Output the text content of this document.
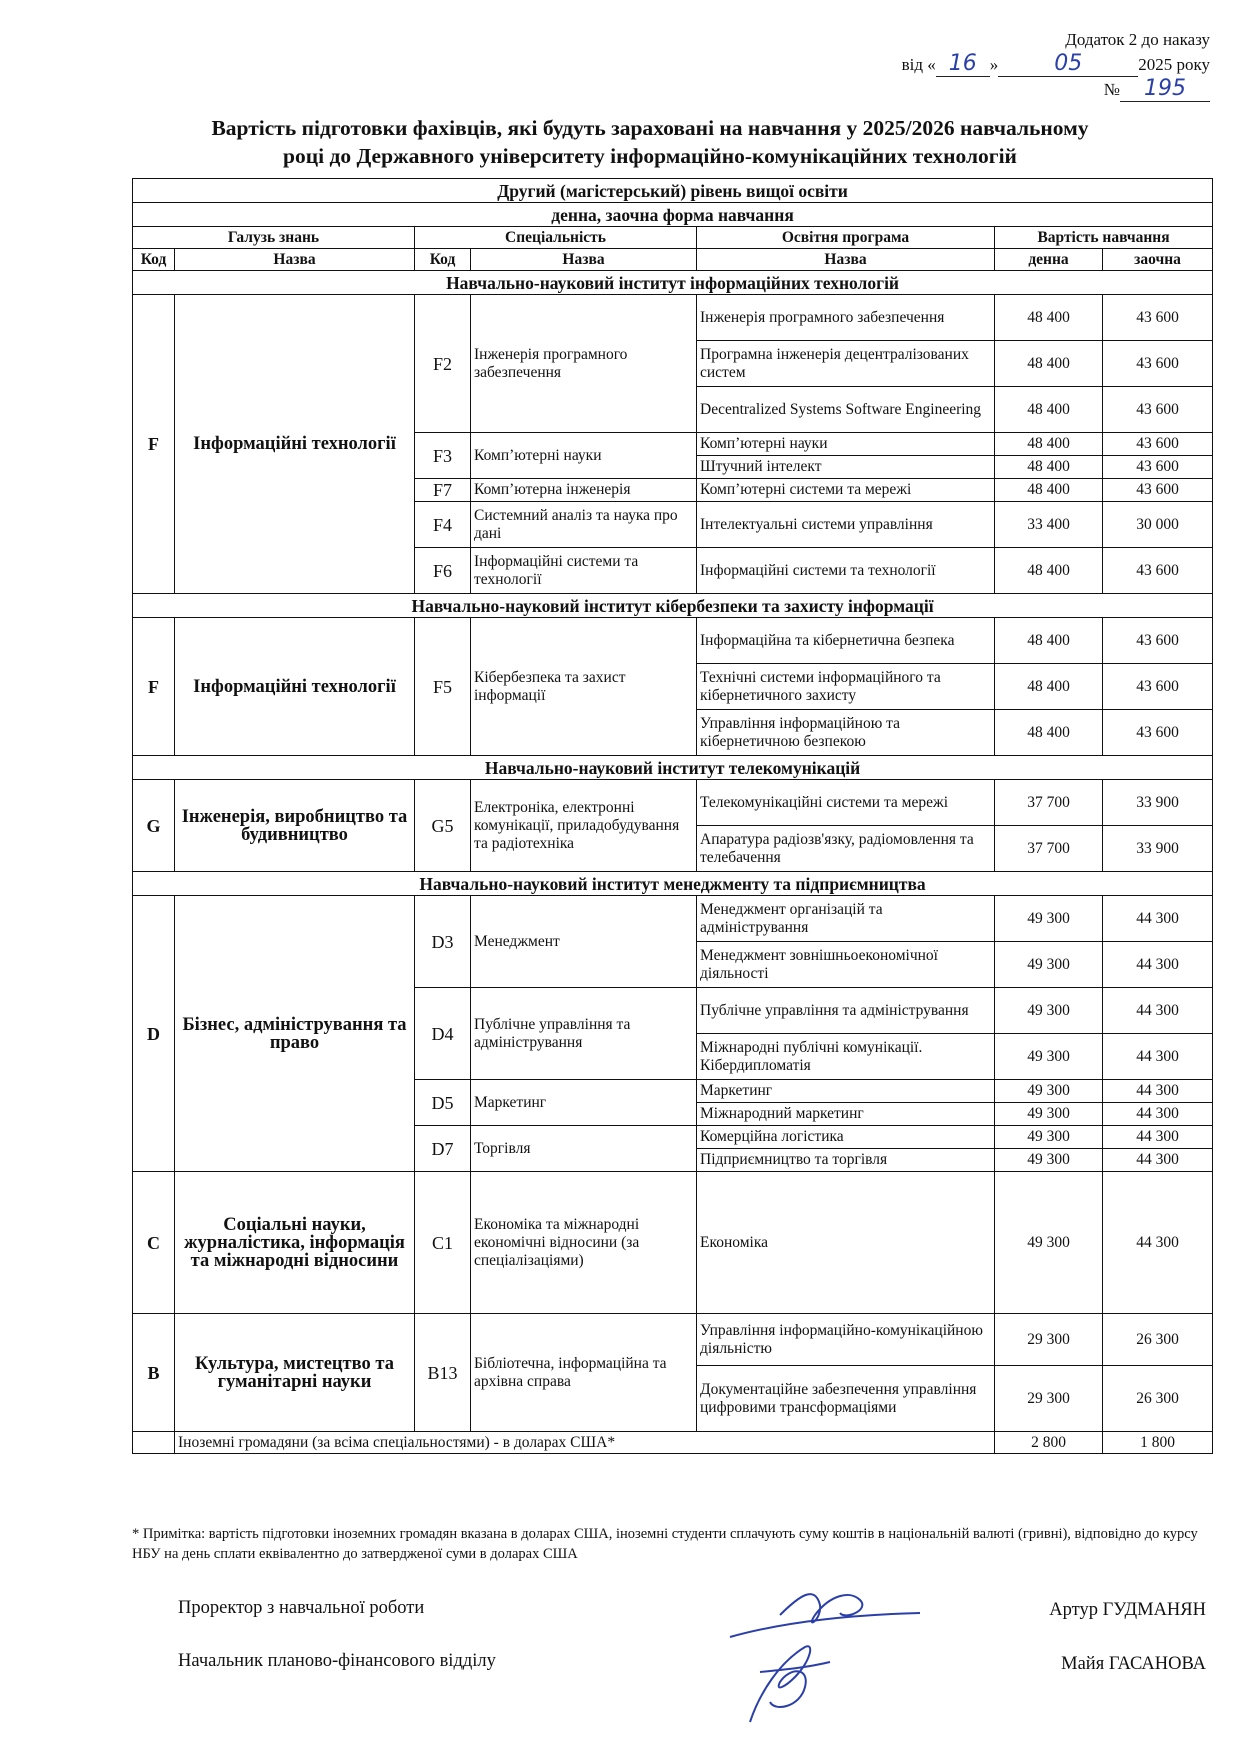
Додаток 2 до наказу
від « 16 »	05	2025 року
№ 195
Вартість підготовки фахівців, які будуть зараховані на навчання у 2025/2026 навчальному
році до Державного університету інформаційно-комунікаційних технологій
Другий (магістерський) рівень вищої освіти						
денна, заочна форма навчання						
Галузь знань		Спеціальність		Освітня програма	Вартість навчання	
Код	Назва	Код	Назва	Назва	денна	заочна
Навчально-науковий інститут інформаційних технологій						
F	Інформаційні технології	F2	Інженерія програмного забезпечення	Інженерія програмного забезпечення	48 400	43 600
				Програмна інженерія децентралізованих систем	48 400	43 600
				Decentralized Systems Software Engineering	48 400	43 600
		F3	Комп’ютерні науки	Комп’ютерні науки	48 400	43 600
				Штучний інтелект	48 400	43 600
		F7	Комп’ютерна інженерія	Комп’ютерні системи та мережі	48 400	43 600
		F4	Системний аналіз та наука про дані	Інтелектуальні системи управління	33 400	30 000
		F6	Інформаційні системи та технології	Інформаційні системи та технології	48 400	43 600
Навчально-науковий інститут кібербезпеки та захисту інформації						
F	Інформаційні технології	F5	Кібербезпека та захист інформації	Інформаційна та кібернетична безпека	48 400	43 600
				Технічні системи інформаційного та кібернетичного захисту	48 400	43 600
				Управління інформаційною та кібернетичною безпекою	48 400	43 600
Навчально-науковий інститут телекомунікацій						
G	Інженерія, виробництво та будивництво	G5	Електроніка, електронні комунікації, приладобудування та радіотехніка	Телекомунікаційні системи та мережі	37 700	33 900
				Апаратура радіозв'язку, радіомовлення та телебачення	37 700	33 900
Навчально-науковий інститут менеджменту та підприємництва						
D	Бізнес, адміністрування та право	D3	Менеджмент	Менеджмент організацій та адміністрування	49 300	44 300
				Менеджмент зовнішньоекономічної діяльності	49 300	44 300
		D4	Публічне управління та адміністрування	Публічне управління та адміністрування	49 300	44 300
				Міжнародні публічні комунікації. Кібердипломатія	49 300	44 300
		D5	Маркетинг	Маркетинг	49 300	44 300
				Міжнародний маркетинг	49 300	44 300
		D7	Торгівля	Комерційна логістика	49 300	44 300
				Підприємництво та торгівля	49 300	44 300
C	Соціальні науки, журналістика, інформація та міжнародні відносини	C1	Економіка та міжнародні економічні відносини (за спеціалізаціями)	Економіка	49 300	44 300
B	Культура, мистецтво та гуманітарні науки	B13	Бібліотечна, інформаційна та архівна справа	Управління інформаційно-комунікаційною діяльністю	29 300	26 300
				Документаційне забезпечення управління цифровими трансформаціями	29 300	26 300
	Іноземні громадяни (за всіма спеціальностями) - в доларах США*				2 800	1 800
* Примітка: вартість підготовки іноземних громадян вказана в доларах США, іноземні студенти сплачують суму коштів в національній валюті (гривні), відповідно до курсу НБУ на день сплати еквівалентно до затвердженої суми в доларах США
Проректор з навчальної роботи	Артур ГУДМАНЯН
Начальник планово-фінансового відділу	Майя ГАСАНОВА
